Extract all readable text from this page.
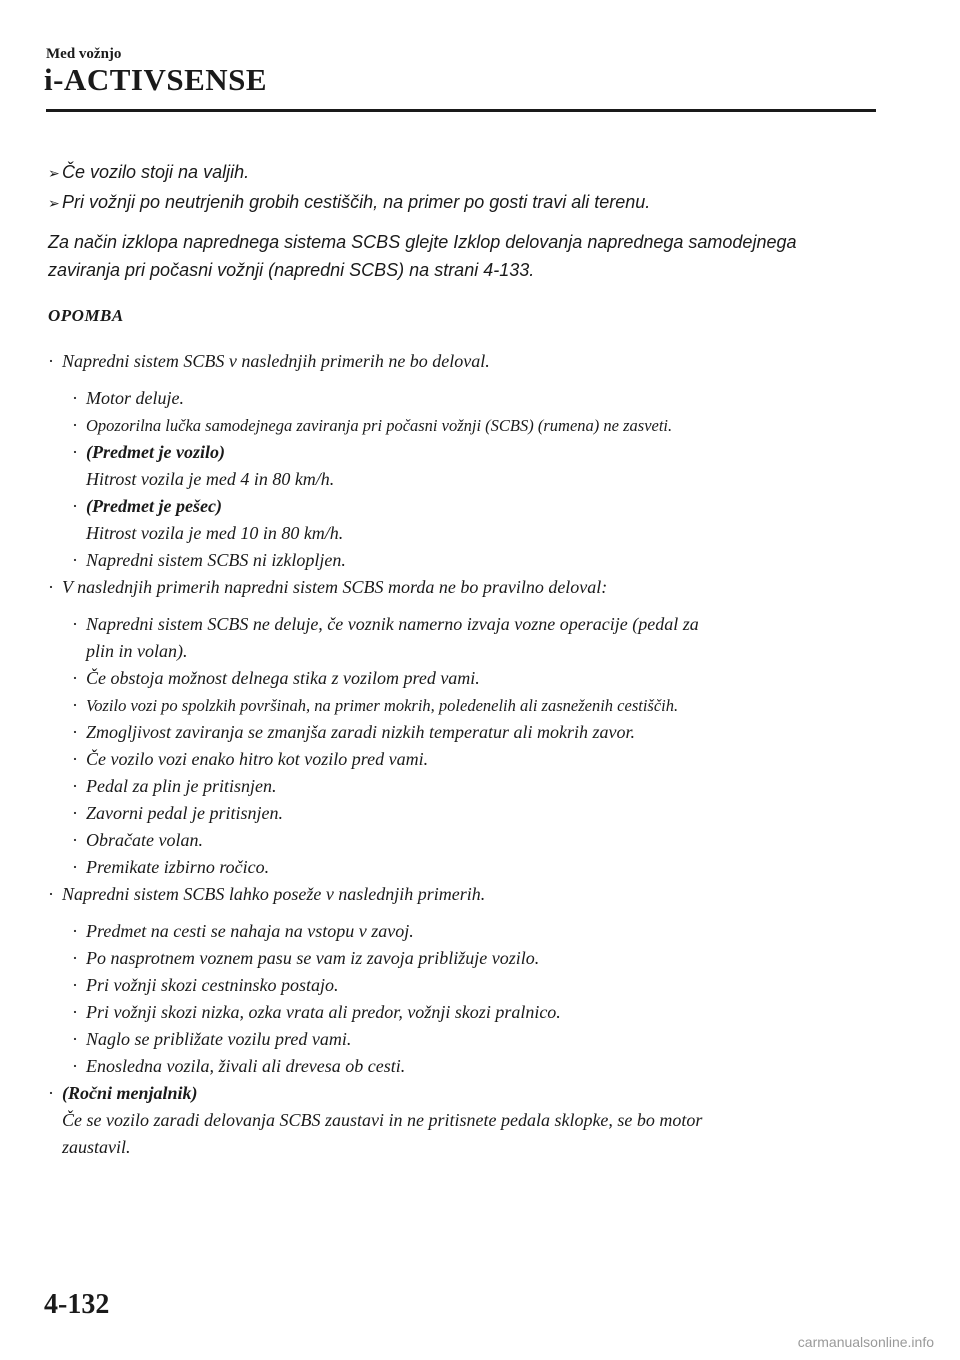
Med vožnjo
i-ACTIVSENSE
➢ Če vozilo stoji na valjih.
➢ Pri vožnji po neutrjenih grobih cestiščih, na primer po gosti travi ali terenu.
Za način izklopa naprednega sistema SCBS glejte Izklop delovanja naprednega samodejnega
zaviranja pri počasni vožnji (napredni SCBS) na strani 4-133.
OPOMBA
· Napredni sistem SCBS v naslednjih primerih ne bo deloval.
· Motor deluje.
· Opozorilna lučka samodejnega zaviranja pri počasni vožnji (SCBS) (rumena) ne zasveti.
· (Predmet je vozilo)
Hitrost vozila je med 4 in 80 km/h.
· (Predmet je pešec)
Hitrost vozila je med 10 in 80 km/h.
· Napredni sistem SCBS ni izklopljen.
· V naslednjih primerih napredni sistem SCBS morda ne bo pravilno deloval:
· Napredni sistem SCBS ne deluje, če voznik namerno izvaja vozne operacije (pedal za
plin in volan).
· Če obstoja možnost delnega stika z vozilom pred vami.
· Vozilo vozi po spolzkih površinah, na primer mokrih, poledenelih ali zasneženih cestiščih.
· Zmogljivost zaviranja se zmanjša zaradi nizkih temperatur ali mokrih zavor.
· Če vozilo vozi enako hitro kot vozilo pred vami.
· Pedal za plin je pritisnjen.
· Zavorni pedal je pritisnjen.
· Obračate volan.
· Premikate izbirno ročico.
· Napredni sistem SCBS lahko poseže v naslednjih primerih.
· Predmet na cesti se nahaja na vstopu v zavoj.
· Po nasprotnem voznem pasu se vam iz zavoja približuje vozilo.
· Pri vožnji skozi cestninsko postajo.
· Pri vožnji skozi nizka, ozka vrata ali predor, vožnji skozi pralnico.
· Naglo se približate vozilu pred vami.
· Enosledna vozila, živali ali drevesa ob cesti.
· (Ročni menjalnik)
Če se vozilo zaradi delovanja SCBS zaustavi in ne pritisnete pedala sklopke, se bo motor
zaustavil.
4-132
carmanualsonline.info
